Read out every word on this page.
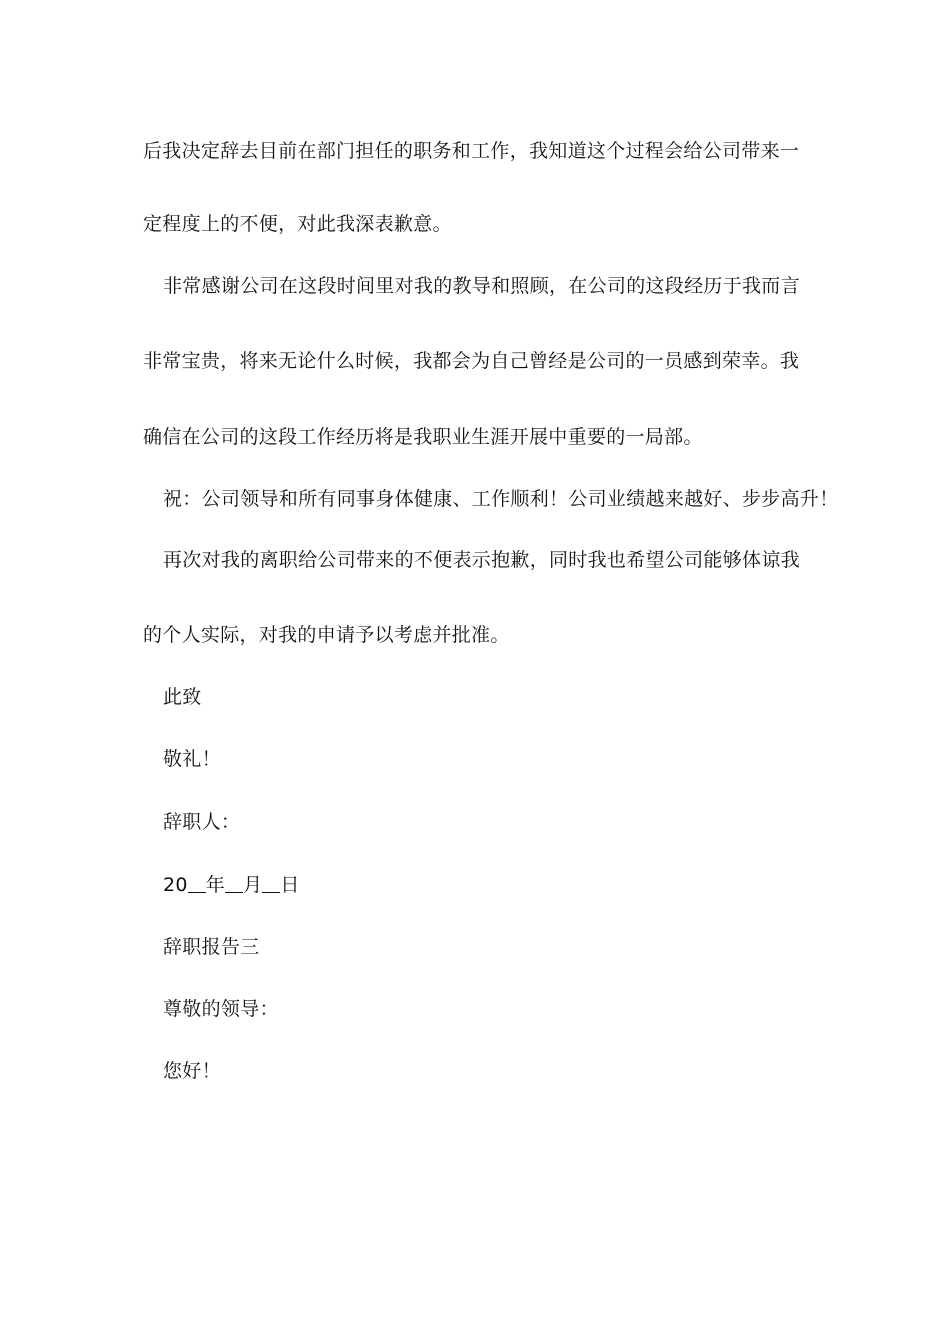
后我决定辞去目前在部门担任的职务和工作，我知道这个过程会给公司带来一
定程度上的不便，对此我深表歉意。
非常感谢公司在这段时间里对我的教导和照顾，在公司的这段经历于我而言
非常宝贵，将来无论什么时候，我都会为自己曾经是公司的一员感到荣幸。我
确信在公司的这段工作经历将是我职业生涯开展中重要的一局部。
祝：公司领导和所有同事身体健康、工作顺利！公司业绩越来越好、步步高升！
再次对我的离职给公司带来的不便表示抱歉，同时我也希望公司能够体谅我
的个人实际，对我的申请予以考虑并批准。
此致
敬礼！
辞职人：
20 年 月 日
辞职报告三
尊敬的领导：
您好！
